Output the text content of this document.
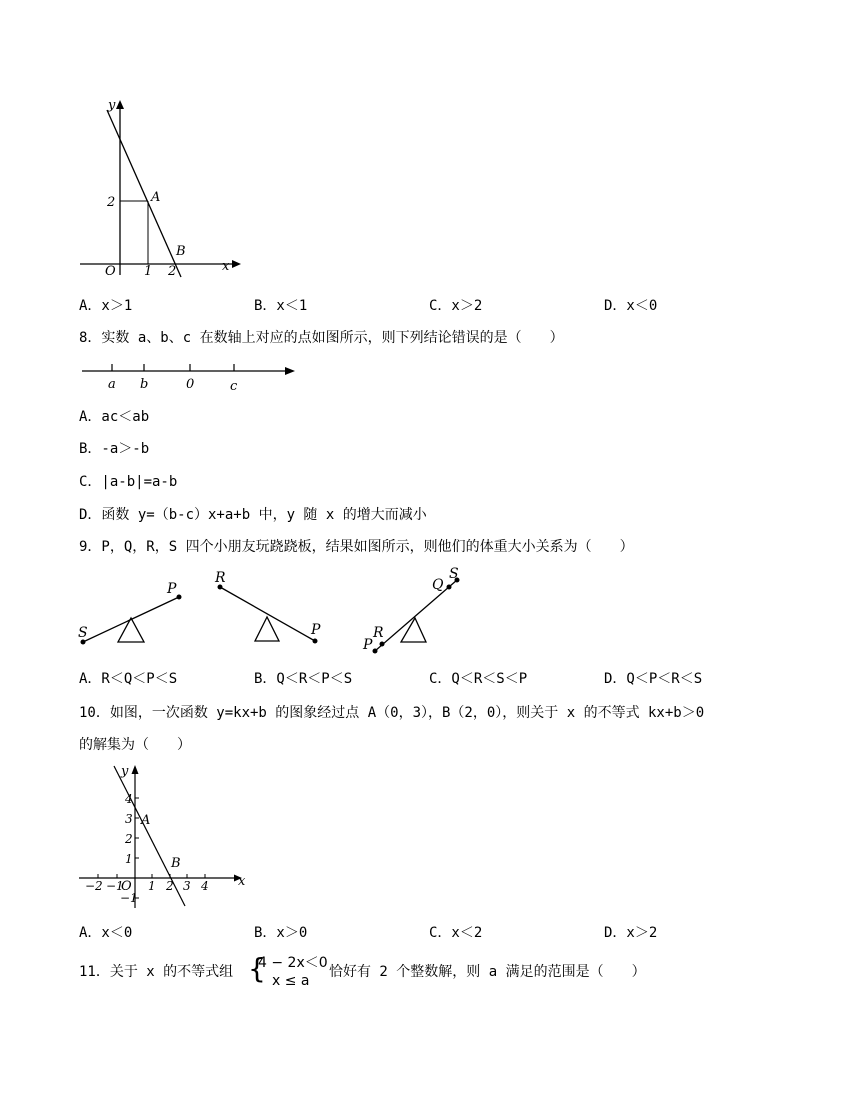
y
x
O 1 2
2	A
B
A．x＞1	B．x＜1	C．x＞2	D．x＜0
8．实数 a、b、c 在数轴上对应的点如图所示，则下列结论错误的是（　　）
a b	0	c
A．ac＜ab
B．-a＞-b
C．|a-b|=a-b
D．函数 y=（b-c）x+a+b 中，y 随 x 的增大而减小
9．P，Q，R，S 四个小朋友玩跷跷板，结果如图所示，则他们的体重大小关系为（　　）
S
P
R
P
Q
S
R
P
A．R＜Q＜P＜S	B．Q＜R＜P＜S	C．Q＜R＜S＜P	D．Q＜P＜R＜S
10．如图，一次函数 y=kx+b 的图象经过点 A（0，3），B（2，0），则关于 x 的不等式 kx+b＞0
的解集为（　　）
y
x
O
4
3
2
1
−1
−2 −1 1 2 3 4
A
B
A．x＜0	B．x＞0	C．x＜2	D．x＞2
11．关于 x 的不等式组 {
4 − 2x＜0
x ≤ a
恰好有 2 个整数解，则 a 满足的范围是（　　）
